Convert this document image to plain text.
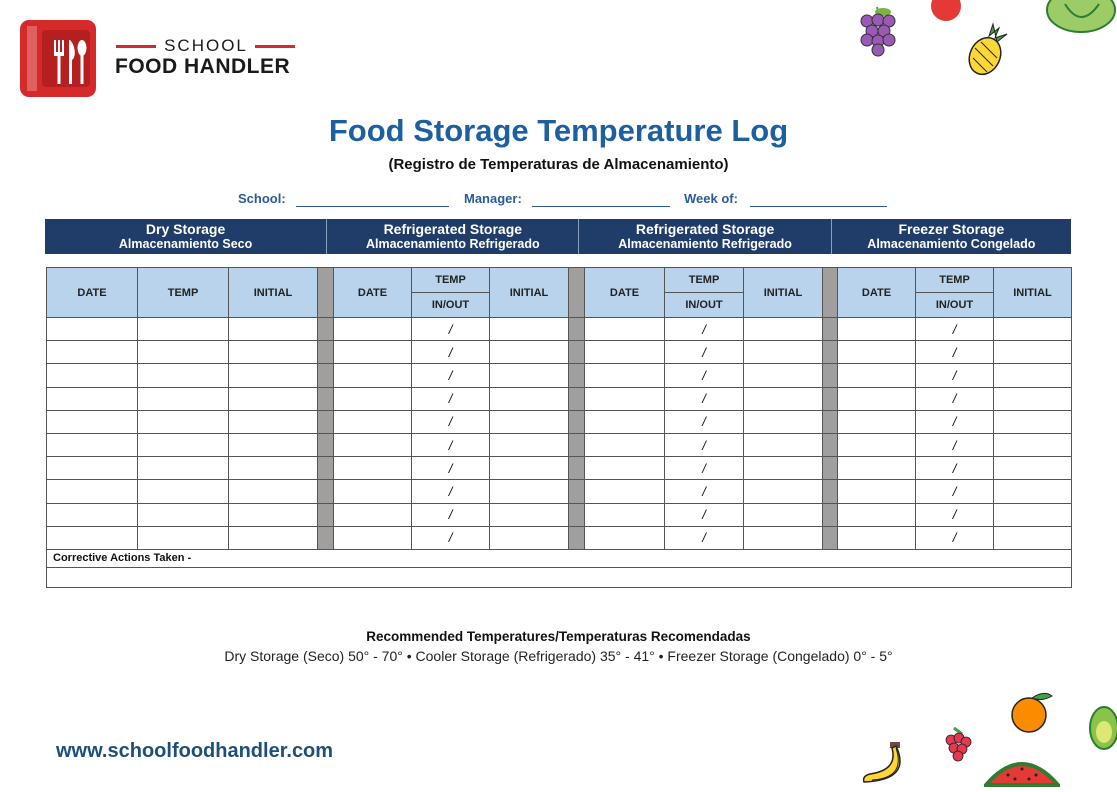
SCHOOL
FOOD HANDLER
Food Storage Temperature Log
(Registro de Temperaturas de Almacenamiento)
School:	Manager:	Week of:
Dry Storage
Almacenamiento Seco
Refrigerated Storage
Almacenamiento Refrigerado
Refrigerated Storage
Almacenamiento Refrigerado
Freezer Storage
Almacenamiento Congelado
DATE	TEMP	INITIAL		DATE	TEMP	INITIAL		DATE	TEMP	INITIAL		DATE	TEMP	INITIAL
					IN/OUT				IN/OUT				IN/OUT	
					/				/				/	
					/				/				/	
					/				/				/	
					/				/				/	
					/				/				/	
					/				/				/	
					/				/				/	
					/				/				/	
					/				/				/	
					/				/				/	
Corrective Actions Taken -														

Recommended Temperatures/Temperaturas Recomendadas
Dry Storage (Seco) 50° - 70° • Cooler Storage (Refrigerado) 35° - 41° • Freezer Storage (Congelado) 0° - 5°
www.schoolfoodhandler.com
